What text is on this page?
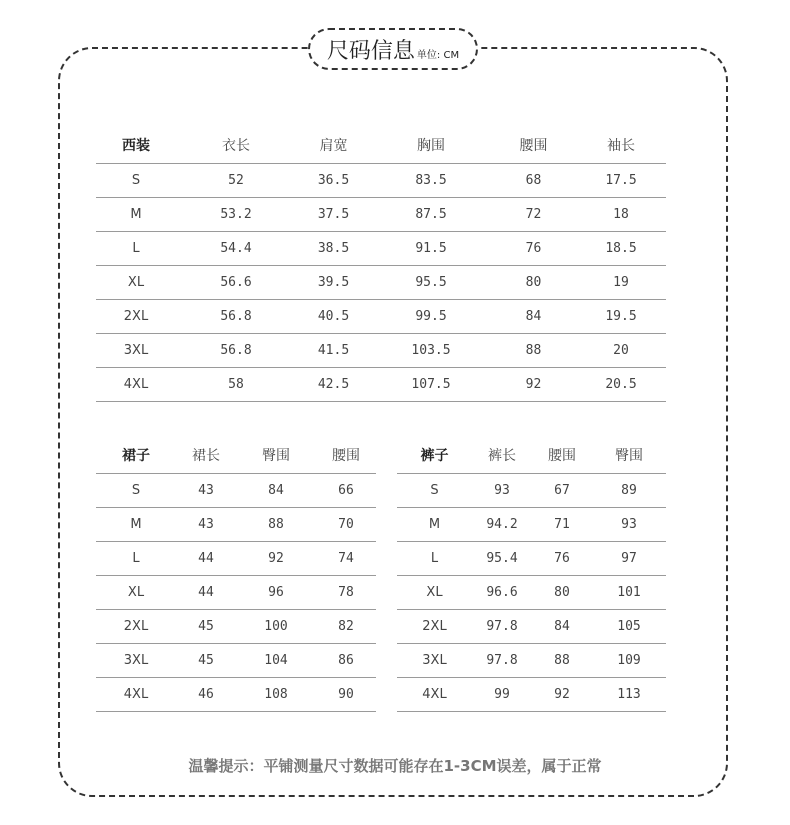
尺码信息 单位: CM
西装	衣长	肩宽	胸围	腰围	袖长
S	52	36.5	83.5	68	17.5
M	53.2	37.5	87.5	72	18
L	54.4	38.5	91.5	76	18.5
XL	56.6	39.5	95.5	80	19
2XL	56.8	40.5	99.5	84	19.5
3XL	56.8	41.5	103.5	88	20
4XL	58	42.5	107.5	92	20.5
裙子	裙长	臀围	腰围
S	43	84	66
M	43	88	70
L	44	92	74
XL	44	96	78
2XL	45	100	82
3XL	45	104	86
4XL	46	108	90
裤子	裤长	腰围	臀围
S	93	67	89
M	94.2	71	93
L	95.4	76	97
XL	96.6	80	101
2XL	97.8	84	105
3XL	97.8	88	109
4XL	99	92	113
温馨提示：平铺测量尺寸数据可能存在1-3CM误差，属于正常
